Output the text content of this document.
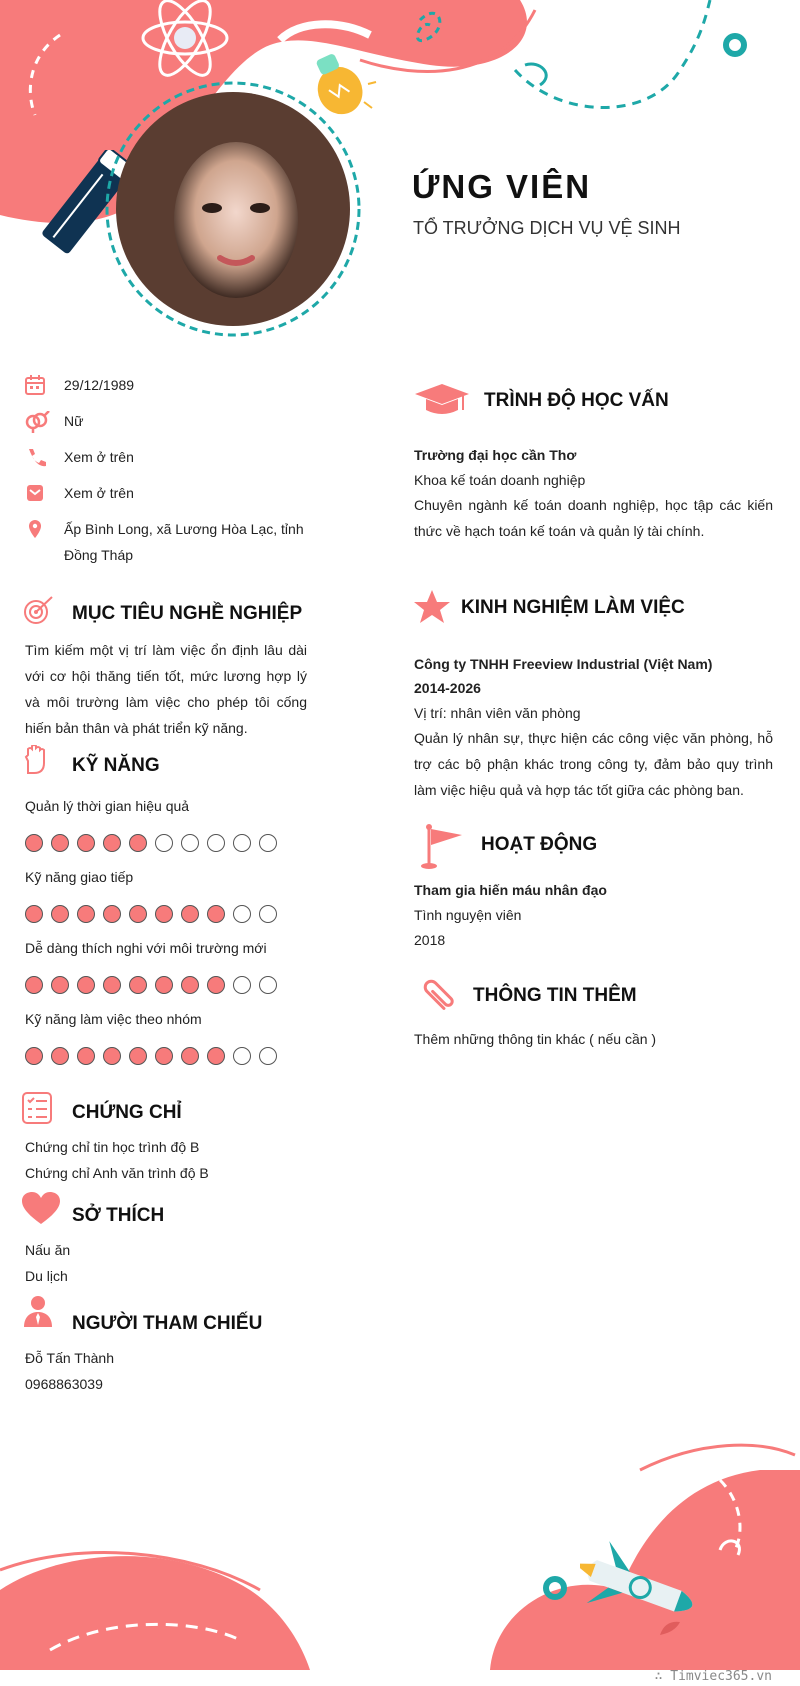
ỨNG VIÊN
TỔ TRƯỞNG DỊCH VỤ VỆ SINH
29/12/1989
Nữ
Xem ở trên
Xem ở trên
Ấp Bình Long, xã Lương Hòa Lạc, tỉnh Đồng Tháp
MỤC TIÊU NGHỀ NGHIỆP
Tìm kiếm một vị trí làm việc ổn định lâu dài với cơ hội thăng tiến tốt, mức lương hợp lý và môi trường làm việc cho phép tôi cống hiến bản thân và phát triển kỹ năng.
KỸ NĂNG
Quản lý thời gian hiệu quả
Kỹ năng giao tiếp
Dễ dàng thích nghi với môi trường mới
Kỹ năng làm việc theo nhóm
CHỨNG CHỈ
Chứng chỉ tin học trình độ B
Chứng chỉ Anh văn trình độ B
SỞ THÍCH
Nấu ăn
Du lịch
NGƯỜI THAM CHIẾU
Đỗ Tấn Thành
0968863039
TRÌNH ĐỘ HỌC VẤN
Trường đại học cần Thơ
Khoa kế toán doanh nghiệp
Chuyên ngành kế toán doanh nghiệp, học tập các kiến thức về hạch toán kế toán và quản lý tài chính.
KINH NGHIỆM LÀM VIỆC
Công ty TNHH Freeview Industrial (Việt Nam)
2014-2026
Vị trí: nhân viên văn phòng
Quản lý nhân sự, thực hiện các công việc văn phòng, hỗ trợ các bộ phận khác trong công ty, đảm bảo quy trình làm việc hiệu quả và hợp tác tốt giữa các phòng ban.
HOẠT ĐỘNG
Tham gia hiến máu nhân đạo
Tình nguyện viên
2018
THÔNG TIN THÊM
Thêm những thông tin khác ( nếu cần )
∴ Timviec365.vn
